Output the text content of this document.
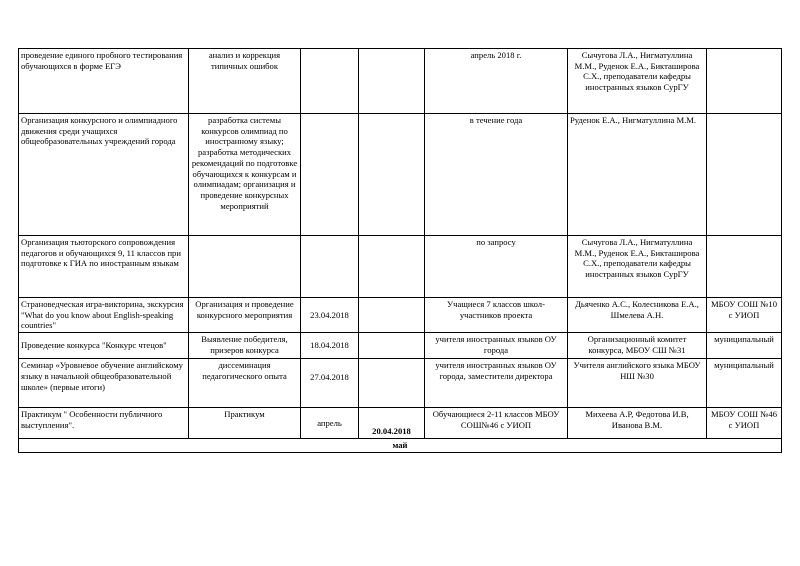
проведение единого пробного тестирования обучающихся в форме ЕГЭ	анализ и коррекция типичных ошибок			апрель 2018 г.	Сычугова Л.А., Нигматуллина М.М., Руденок Е.А., Бикташирова С.Х., преподаватели кафедры иностранных языков СурГУ	
Организация конкурсного и олимпиадного движения среди учащихся общеобразовательных учреждений города	разработка системы конкурсов олимпиад по иностранному языку; разработка методических рекомендаций по подготовке обучающихся к конкурсам и олимпиадам; организация и проведение конкурсных мероприятий			в течение года	Руденок Е.А., Нигматуллина М.М.	
Организация тьюторского сопровождения педагогов и обучающихся 9, 11 классов при подготовке к ГИА по иностранным языкам				по запросу	Сычугова Л.А., Нигматуллина М.М., Руденок Е.А., Бикташирова С.Х., преподаватели кафедры иностранных языков СурГУ	
Страноведческая игра-викторина, экскурсия "What do you know about English-speaking countries"	Организация и проведение конкурсного мероприятия	23.04.2018		Учащиеся 7 классов школ-участников проекта	Дьяченко А.С., Колесникова Е.А., Шмелева А.Н.	МБОУ СОШ №10 с УИОП
Проведение конкурса "Конкурс чтецов"	Выявление победителя, призеров конкурса	18.04.2018		учителя иностранных языков ОУ города	Организационный комитет конкурса, МБОУ СШ №31	муниципальный
Семинар «Уровневое обучение английскому языку в начальной общеобразовательной школе» (первые итоги)	диссеминация педагогического опыта	27.04.2018		учителя иностранных языков ОУ города, заместители директора	Учителя английского языка МБОУ НШ №30	муниципальный
Практикум " Особенности публичного выступления".	Практикум	апрель	20.04.2018	Обучающиеся 2-11 классов МБОУ СОШ№46 с УИОП	Михеева А.Р, Федотова И.В, Иванова В.М.	МБОУ СОШ №46 с УИОП
май						
